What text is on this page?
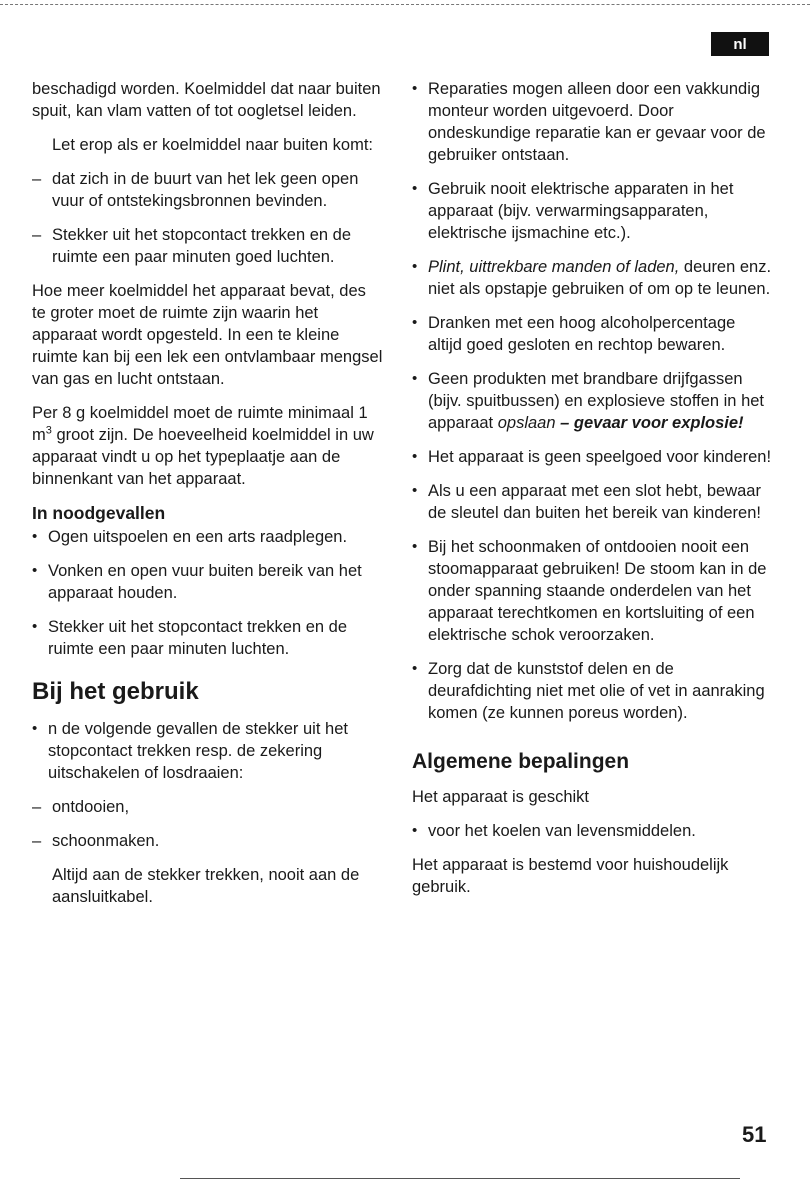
nl

beschadigd worden. Koelmiddel dat naar buiten spuit, kan vlam vatten of tot oogletsel leiden.

Let erop als er koelmiddel naar buiten komt:

– dat zich in de buurt van het lek geen open vuur of ontstekingsbronnen bevinden.
– Stekker uit het stopcontact trekken en de ruimte een paar minuten goed luchten.

Hoe meer koelmiddel het apparaat bevat, des te groter moet de ruimte zijn waarin het apparaat wordt opgesteld. In een te kleine ruimte kan bij een lek een ontvlambaar mengsel van gas en lucht ontstaan.

Per 8 g koelmiddel moet de ruimte minimaal 1 $m^3$ groot zijn. De hoeveelheid koelmiddel in uw apparaat vindt u op het typeplaatje aan de binnenkant van het apparaat.

In noodgevallen
• Ogen uitspoelen en een arts raadplegen.
• Vonken en open vuur buiten bereik van het apparaat houden.
• Stekker uit het stopcontact trekken en de ruimte een paar minuten luchten.
Bij het gebruik
• n de volgende gevallen de stekker uit het stopcontact trekken resp. de zekering uitschakelen of losdraaien:
– ontdooien,
– schoonmaken.

Altijd aan de stekker trekken, nooit aan de aansluitkabel.

• Reparaties mogen alleen door een vakkundig monteur worden uitgevoerd. Door ondeskundige reparatie kan er gevaar voor de gebruiker ontstaan.
• Gebruik nooit elektrische apparaten in het apparaat (bijv. verwarmingsapparaten, elektrische ijsmachine etc.).
• Plint, uittrekbare manden of laden, deuren enz. niet als opstapje gebruiken of om op te leunen.
• Dranken met een hoog alcoholpercentage altijd goed gesloten en rechtop bewaren.
• Geen produkten met brandbare drijfgassen (bijv. spuitbussen) en explosieve stoffen in het apparaat opslaan – gevaar voor explosie!
• Het apparaat is geen speelgoed voor kinderen!
• Als u een apparaat met een slot hebt, bewaar de sleutel dan buiten het bereik van kinderen!
• Bij het schoonmaken of ontdooien nooit een stoomapparaat gebruiken! De stoom kan in de onder spanning staande onderdelen van het apparaat terechtkomen en kortsluiting of een elektrische schok veroorzaken.
• Zorg dat de kunststof delen en de deurafdichting niet met olie of vet in aanraking komen (ze kunnen poreus worden).
Algemene bepalingen

Het apparaat is geschikt

• voor het koelen van levensmiddelen.

Het apparaat is bestemd voor huishoudelijk gebruik.

51
